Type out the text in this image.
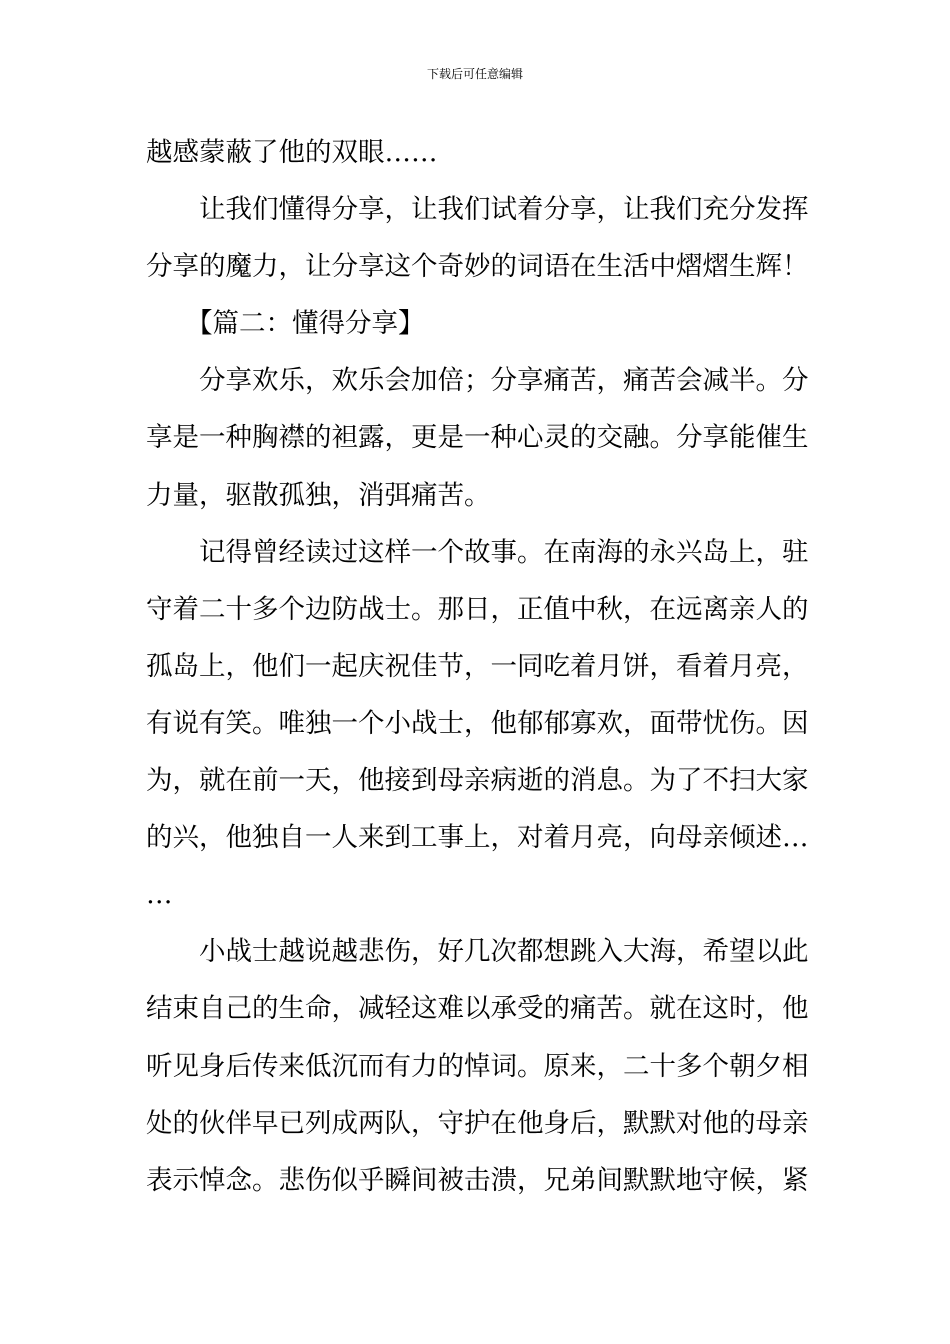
下载后可任意编辑
越感蒙蔽了他的双眼……
让我们懂得分享，让我们试着分享，让我们充分发挥
分享的魔力，让分享这个奇妙的词语在生活中熠熠生辉！
【篇二：懂得分享】
分享欢乐，欢乐会加倍；分享痛苦，痛苦会减半。分
享是一种胸襟的袒露，更是一种心灵的交融。分享能催生
力量，驱散孤独，消弭痛苦。
记得曾经读过这样一个故事。在南海的永兴岛上，驻
守着二十多个边防战士。那日，正值中秋，在远离亲人的
孤岛上，他们一起庆祝佳节，一同吃着月饼，看着月亮，
有说有笑。唯独一个小战士，他郁郁寡欢，面带忧伤。因
为，就在前一天，他接到母亲病逝的消息。为了不扫大家
的兴，他独自一人来到工事上，对着月亮，向母亲倾述…
…
小战士越说越悲伤，好几次都想跳入大海，希望以此
结束自己的生命，减轻这难以承受的痛苦。就在这时，他
听见身后传来低沉而有力的悼词。原来，二十多个朝夕相
处的伙伴早已列成两队，守护在他身后，默默对他的母亲
表示悼念。悲伤似乎瞬间被击溃，兄弟间默默地守候，紧
